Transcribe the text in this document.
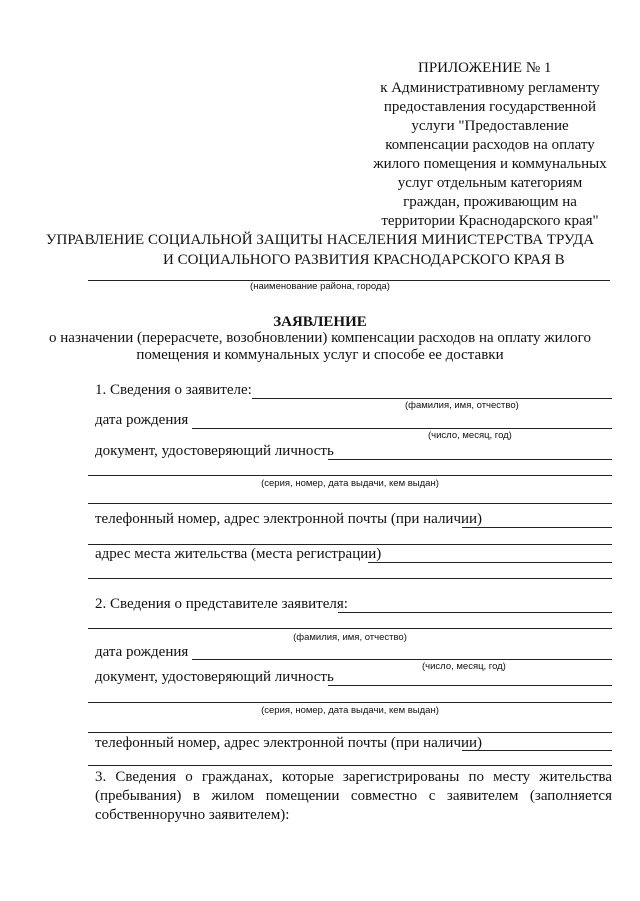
ПРИЛОЖЕНИЕ № 1
к Административному регламенту
предоставления государственной
услуги "Предоставление
компенсации расходов на оплату
жилого помещения и коммунальных
услуг отдельным категориям
граждан, проживающим на
территории Краснодарского края"
УПРАВЛЕНИЕ СОЦИАЛЬНОЙ ЗАЩИТЫ НАСЕЛЕНИЯ МИНИСТЕРСТВА ТРУДА
И СОЦИАЛЬНОГО РАЗВИТИЯ КРАСНОДАРСКОГО КРАЯ В
(наименование района, города)
ЗАЯВЛЕНИЕ
о назначении (перерасчете, возобновлении) компенсации расходов на оплату жилого
помещения и коммунальных услуг и способе ее доставки
1. Сведения о заявителе:
(фамилия, имя, отчество)
дата рождения
(число, месяц, год)
документ, удостоверяющий личность
(серия, номер, дата выдачи, кем выдан)
телефонный номер, адрес электронной почты (при наличии)
адрес места жительства (места регистрации)
2. Сведения о представителе заявителя:
(фамилия, имя, отчество)
дата рождения
(число, месяц, год)
документ, удостоверяющий личность
(серия, номер, дата выдачи, кем выдан)
телефонный номер, адрес электронной почты (при наличии)
3. Сведения о гражданах, которые зарегистрированы по месту жительства (пребывания) в жилом помещении совместно с заявителем (заполняется собственноручно заявителем):
